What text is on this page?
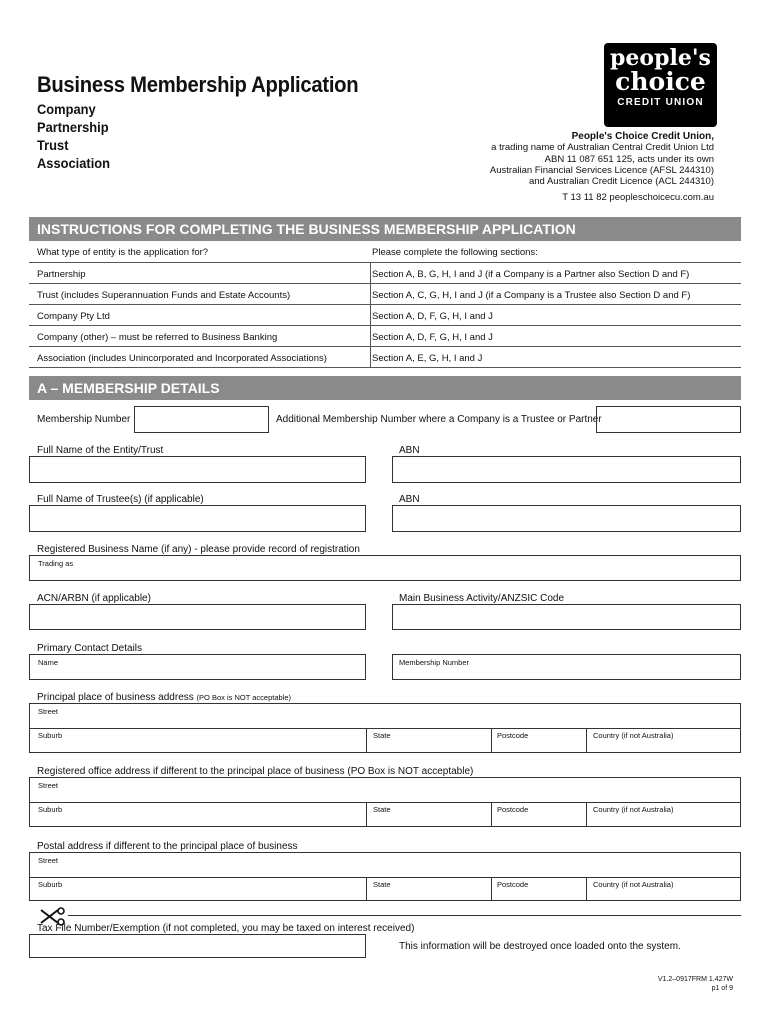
Business Membership Application
Company
Partnership
Trust
Association
people's
choice
CREDIT UNION
People's Choice Credit Union,
a trading name of Australian Central Credit Union Ltd
ABN 11 087 651 125, acts under its own
Australian Financial Services Licence (AFSL 244310)
and Australian Credit Licence (ACL 244310)
T 13 11 82 peopleschoicecu.com.au
INSTRUCTIONS FOR COMPLETING THE BUSINESS MEMBERSHIP APPLICATION
What type of entity is the application for?	Please complete the following sections:
Partnership	Section A, B, G, H, I and J (if a Company is a Partner also Section D and F)
Trust (includes Superannuation Funds and Estate Accounts)	Section A, C, G, H, I and J (if a Company is a Trustee also Section D and F)
Company Pty Ltd	Section A, D, F, G, H, I and J
Company (other) – must be referred to Business Banking	Section A, D, F, G, H, I and J
Association (includes Unincorporated and Incorporated Associations)	Section A, E, G, H, I and J
A – MEMBERSHIP DETAILS
Membership Number	Additional Membership Number where a Company is a Trustee or Partner
Full Name of the Entity/Trust	ABN
Full Name of Trustee(s) (if applicable)	ABN
Registered Business Name (if any) - please provide record of registration
Trading as
ACN/ARBN (if applicable)	Main Business Activity/ANZSIC Code
Primary Contact Details
Name	Membership Number
Principal place of business address (PO Box is NOT acceptable)
Street
Suburb	State	Postcode	Country (if not Australia)
Registered office address if different to the principal place of business (PO Box is NOT acceptable)
Street
Suburb	State	Postcode	Country (if not Australia)
Postal address if different to the principal place of business
Street
Suburb	State	Postcode	Country (if not Australia)
Tax File Number/Exemption (if not completed, you may be taxed on interest received)
This information will be destroyed once loaded onto the system.
V1.2–0917FRM 1.427W
p1 of 9
